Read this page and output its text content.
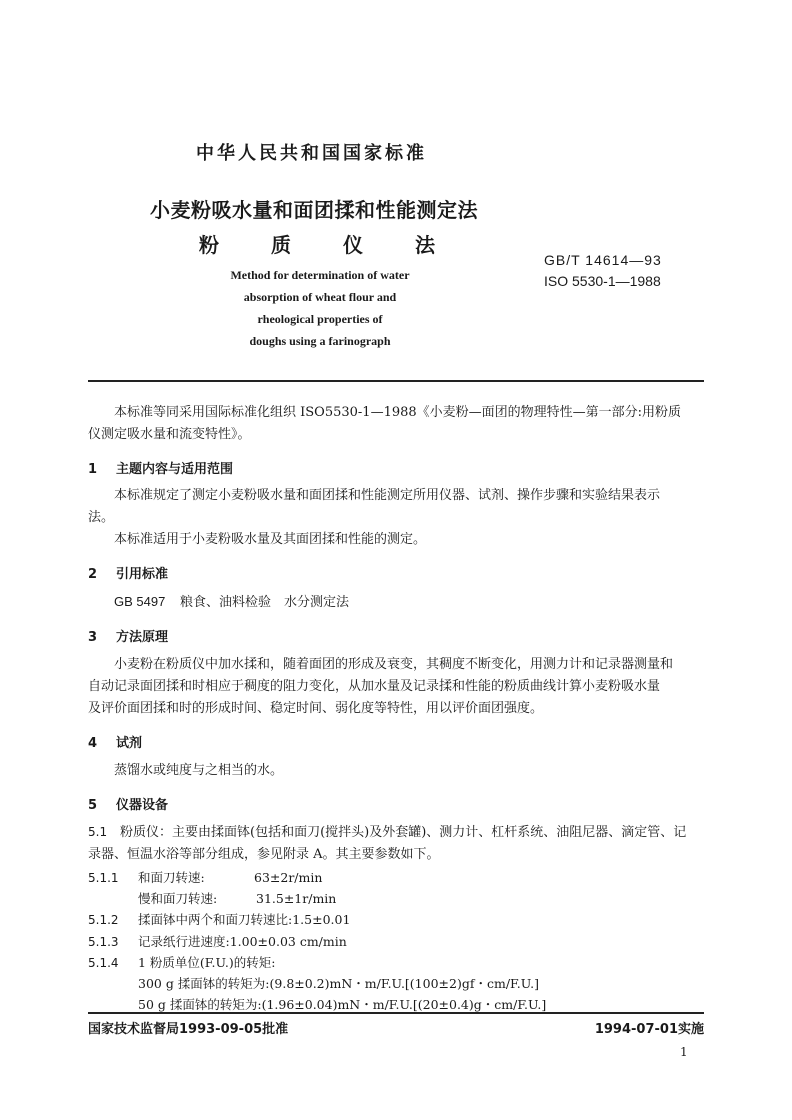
中华人民共和国国家标准
小麦粉吸水量和面团揉和性能测定法
粉	质	仪	法
Method for determination of water
absorption of wheat flour and
rheological properties of
doughs using a farinograph
GB/T 14614—93
ISO 5530-1—1988
本标准等同采用国际标准化组织 ISO5530-1—1988《小麦粉—面团的物理特性—第一部分:用粉质
仪测定吸水量和流变特性》。
1 主题内容与适用范围
本标准规定了测定小麦粉吸水量和面团揉和性能测定所用仪器、试剂、操作步骤和实验结果表示
法。
本标准适用于小麦粉吸水量及其面团揉和性能的测定。
2 引用标准
GB 5497 粮食、油料检验　水分测定法
3 方法原理
小麦粉在粉质仪中加水揉和，随着面团的形成及衰变，其稠度不断变化，用测力计和记录器测量和
自动记录面团揉和时相应于稠度的阻力变化，从加水量及记录揉和性能的粉质曲线计算小麦粉吸水量
及评价面团揉和时的形成时间、稳定时间、弱化度等特性，用以评价面团强度。
4 试剂
蒸馏水或纯度与之相当的水。
5 仪器设备
5.1 粉质仪：主要由揉面钵(包括和面刀(搅拌头)及外套罐)、测力计、杠杆系统、油阻尼器、滴定管、记
录器、恒温水浴等部分组成，参见附录 A。其主要参数如下。
5.1.1 和面刀转速:	63±2r/min
慢和面刀转速:	31.5±1r/min
5.1.2 揉面钵中两个和面刀转速比:1.5±0.01
5.1.3 记录纸行进速度:1.00±0.03 cm/min
5.1.4 1 粉质单位(F.U.)的转矩:
300 g 揉面钵的转矩为:(9.8±0.2)mN・m/F.U.[(100±2)gf・cm/F.U.]
50 g 揉面钵的转矩为:(1.96±0.04)mN・m/F.U.[(20±0.4)g・cm/F.U.]
国家技术监督局1993-09-05批准	1994-07-01实施
1
